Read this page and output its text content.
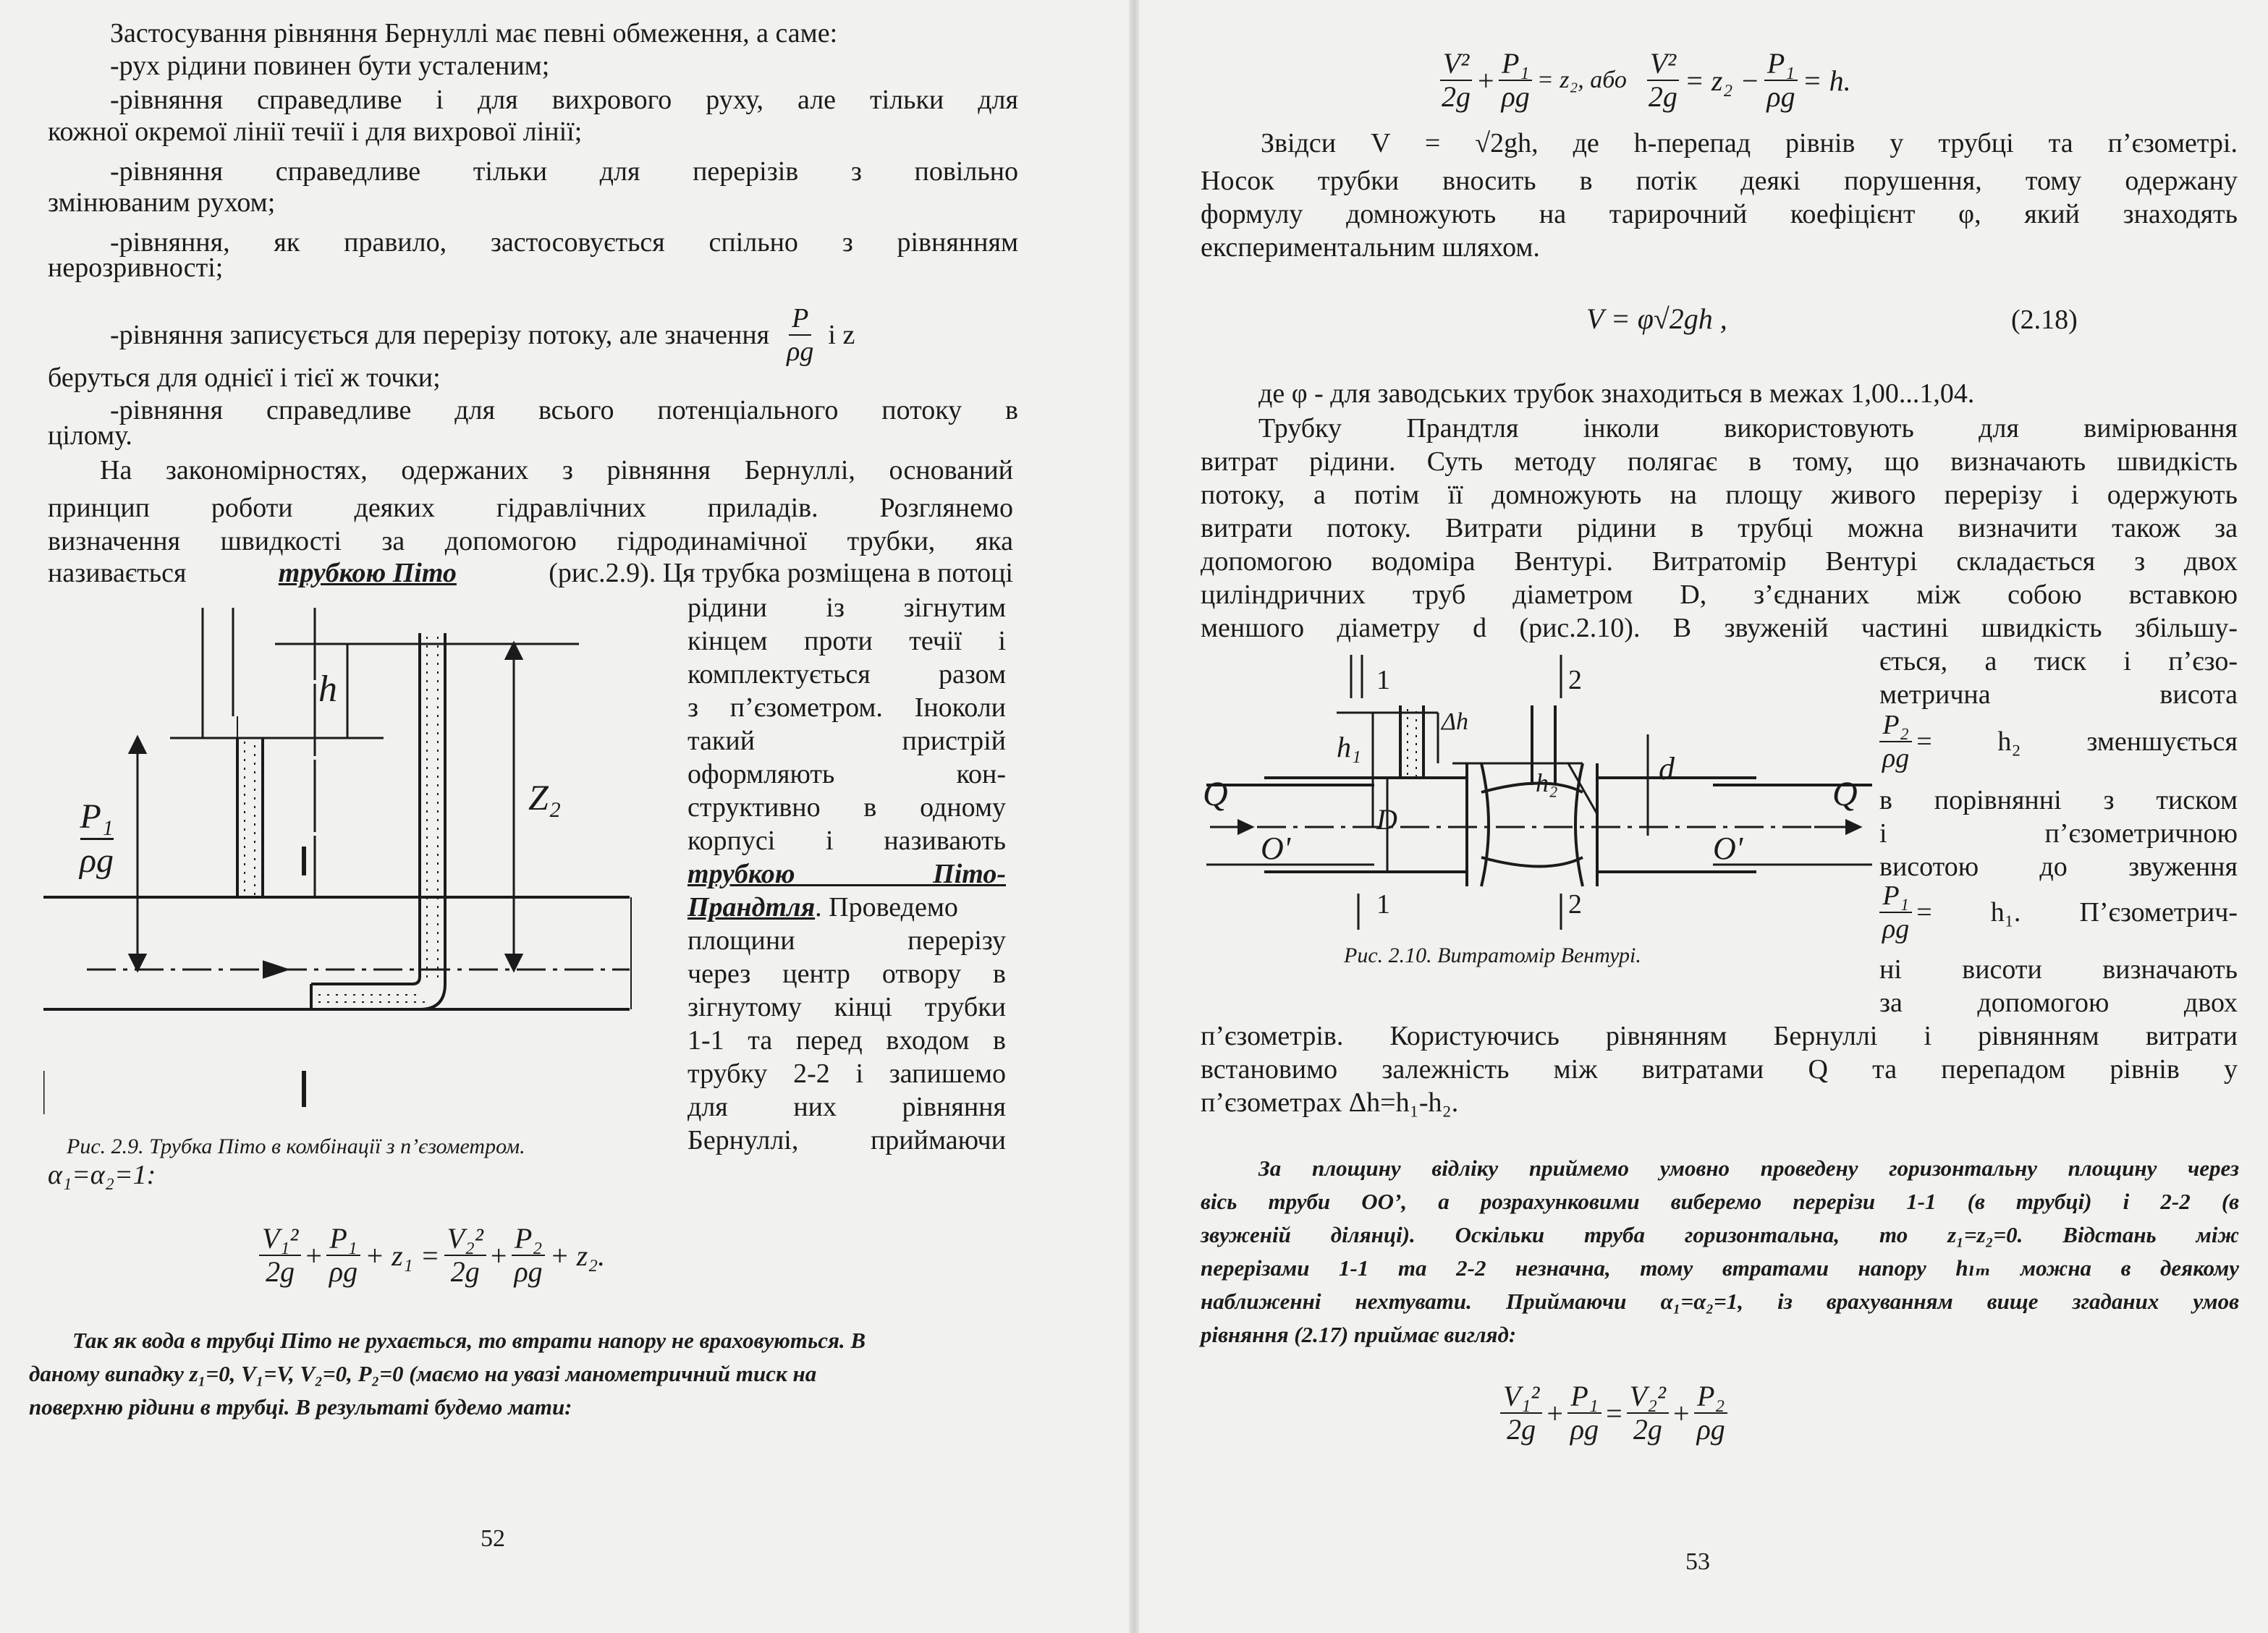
Застосування рівняння Бернуллі має певні обмеження, а саме:
-рух рідини повинен бути усталеним;
-рівняння справедливе і для вихрового руху, але тільки для
кожної окремої лінії течії і для вихрової лінії;
-рівняння справедливе тільки для перерізів з повільно
змінюваним рухом;
-рівняння, як правило, застосовується спільно з рівнянням
нерозривності;
-рівняння записується для перерізу потоку, але значення $\frac{P}{\rho g}$ і z
беруться для однієї і тієї ж точки;
-рівняння справедливе для всього потенціального потоку в
цілому.
На закономірностях, одержаних з рівняння Бернуллі, оснований
принцип роботи деяких гідравлічних приладів. Розглянемо
визначення швидкості за допомогою гідродинамічної трубки, яка
називається	трубкою Піто	(рис.2.9). Ця трубка розміщена в потоці
рідини із зігнутим
кінцем проти течії і
комплектується разом
з п’єзометром. Іноколи
такий пристрій
оформляють кон-
структивно в одному
корпусі і називають
трубкою Піто-
Прандтля. Проведемо
площини перерізу
через центр отвору в
зігнутому кінці трубки
1-1 та перед входом в
трубку 2-2 і запишемо
для них рівняння
Бернуллі, приймаючи
h
Z₂
$\frac{\text{P₁}}{\rho g}$
Рис. 2.9. Трубка Піто в комбінації з п’єзометром.
α₁=α₂=1:
$\frac{\text{V₁²}}{2g} + \frac{\text{P₁}}{\rho g} + z_1 = \frac{\text{V₂²}}{2g} + \frac{\text{P₂}}{\rho g} + z_2$.
Так як вода в трубці Піто не рухається, то втрати напору не враховуються. В
даному випадку z₁=0, V₁=V, V₂=0, P₂=0 (маємо на увазі манометричний тиск на
поверхню рідини в трубці. В результаті будемо мати:
52
$\frac{\text{V²}}{2g} + \frac{\text{P₁}}{\rho g} = z_2$, або $\frac{\text{V²}}{2g} = z_2 - \frac{\text{P₁}}{\rho g} = h$.
Звідси V = √2gh, де h-перепад рівнів у трубці та п’єзометрі.
Носок трубки вносить в потік деякі порушення, тому одержану
формулу домножують на тарирочний коефіцієнт φ, який знаходять
експериментальним шляхом.
V = φ√2gh ,	(2.18)
де φ - для заводських трубок знаходиться в межах 1,00...1,04.
Трубку Прандтля інколи використовують для вимірювання
витрат рідини. Суть методу полягає в тому, що визначають швидкість
потоку, а потім її домножують на площу живого перерізу і одержують
витрати потоку. Витрати рідини в трубці можна визначити також за
допомогою водоміра Вентурі. Витратомір Вентурі складається з двох
циліндричних труб діаметром D, з’єднаних між собою вставкою
меншого діаметру d (рис.2.10). В звуженій частині швидкість збільшу-
ється, а тиск і п’єзо-
метрична висота
$\frac{\text{P₂}}{\rho g} = h_2$ зменшується
в порівнянні з тиском
і п’єзометричною
висотою до звуження
$\frac{\text{P₁}}{\rho g} = h_1$. П’єзометрич-
ні висоти визначають
за допомогою двох
Q	Q
O'	O'
D
d
h₁
h₂
Δh
1	2
1	2
Рис. 2.10. Витратомір Вентурі.
п’єзометрів. Користуючись рівнянням Бернуллі і рівнянням витрати
встановимо залежність між витратами Q та перепадом рівнів у
п’єзометрах Δh=h₁-h₂.
За площину відліку приймемо умовно проведену горизонтальну площину через
вісь труби OO’, а розрахунковими виберемо перерізи 1-1 (в трубці) і 2-2 (в
звуженій ділянці). Оскільки труба горизонтальна, то z₁=z₂=0. Відстань між
перерізами 1-1 та 2-2 незначна, тому втратами напору hₗₘ можна в деякому
наближенні нехтувати. Приймаючи α₁=α₂=1, із врахуванням вище згаданих умов
рівняння (2.17) приймає вигляд:
$\frac{\text{V₁²}}{2g} + \frac{\text{P₁}}{\rho g} = \frac{\text{V₂²}}{2g} + \frac{\text{P₂}}{\rho g}$
53
